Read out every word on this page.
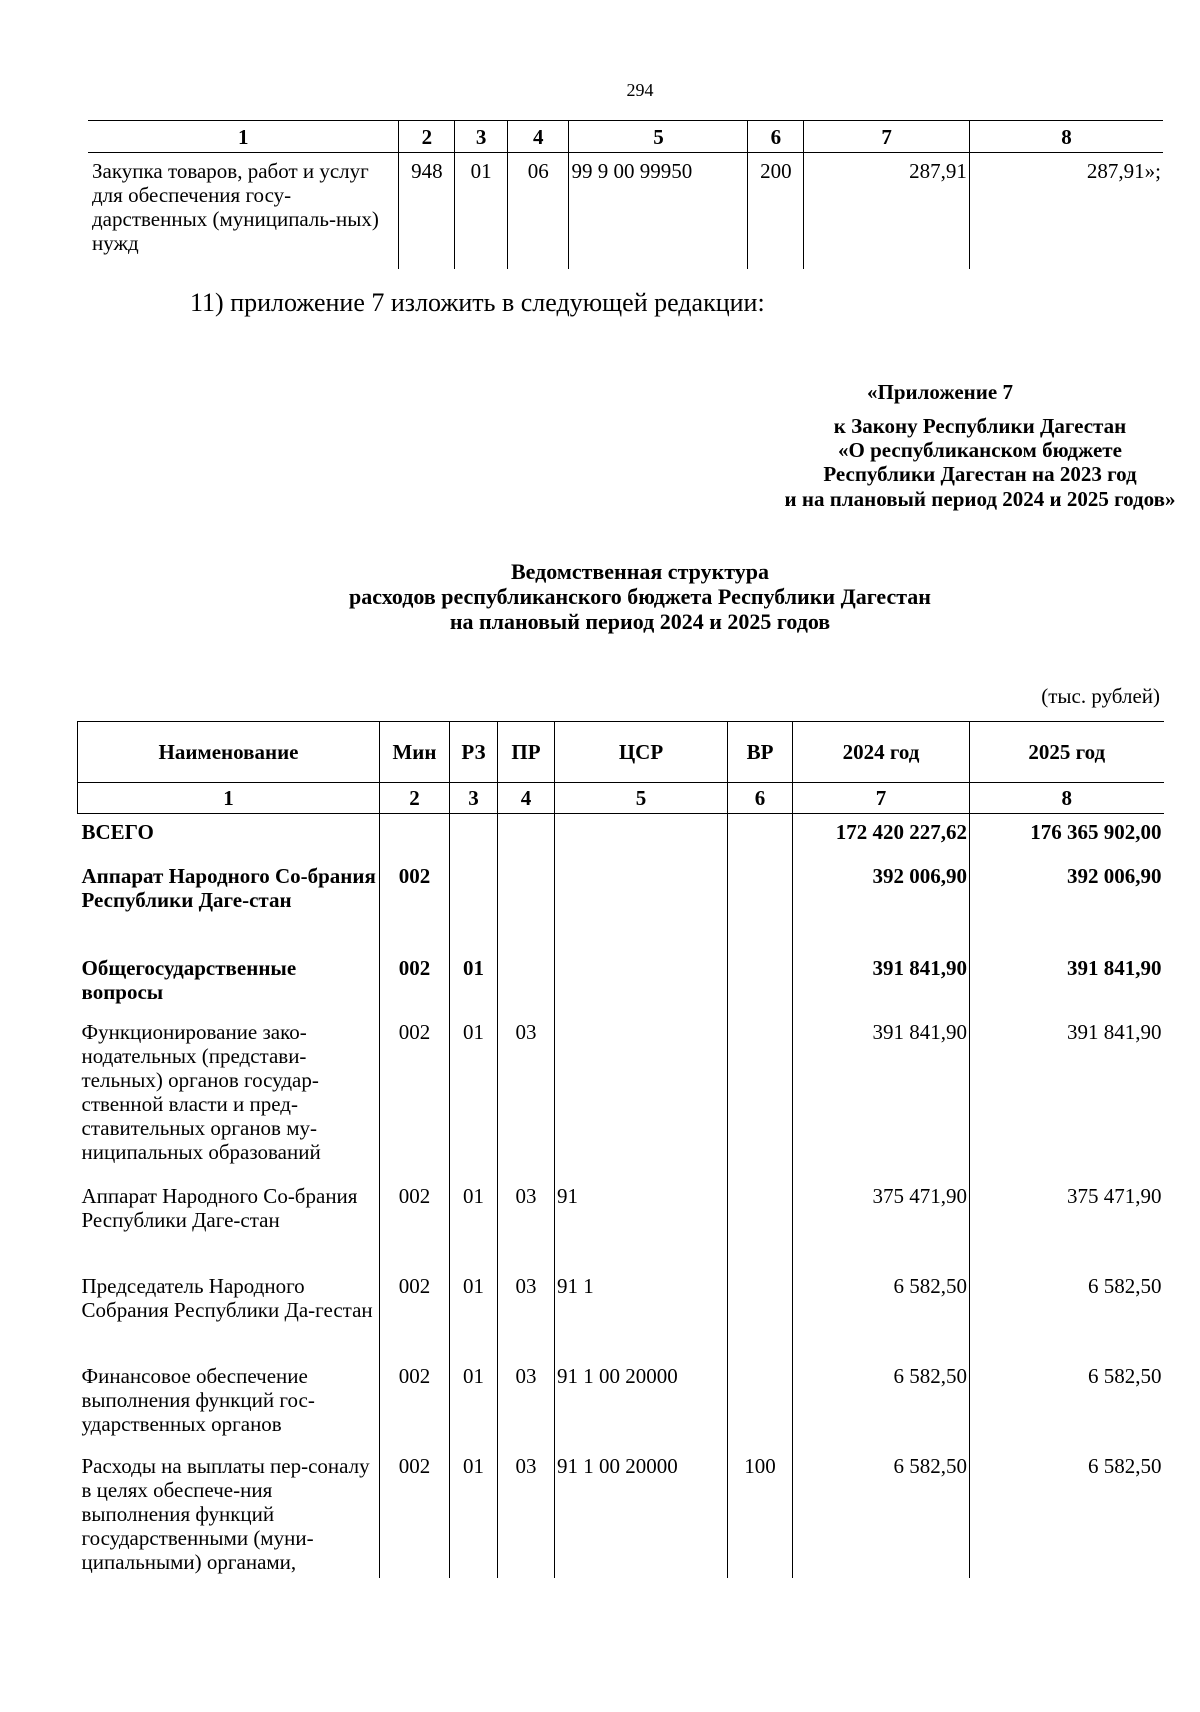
294
1	2	3	4	5	6	7	8
Закупка товаров, работ и услуг для обеспечения госу-дарственных (муниципаль-ных) нужд	948	01	06	99 9 00 99950	200	287,91	287,91»;
11) приложение 7 изложить в следующей редакции:
«Приложение 7
к Закону Республики Дагестан
«О республиканском бюджете
Республики Дагестан на 2023 год
и на плановый период 2024 и 2025 годов»
Ведомственная структура
расходов республиканского бюджета Республики Дагестан
на плановый период 2024 и 2025 годов
(тыс. рублей)
Наименование	Мин	РЗ	ПР	ЦСР	ВР	2024 год	2025 год
1	2	3	4	5	6	7	8
ВСЕГО						172 420 227,62	176 365 902,00
Аппарат Народного Со-брания Республики Даге-стан	002					392 006,90	392 006,90
Общегосударственные вопросы	002	01				391 841,90	391 841,90
Функционирование зако-нодательных (представи-тельных) органов государ-ственной власти и пред-ставительных органов му-ниципальных образований	002	01	03			391 841,90	391 841,90
Аппарат Народного Со-брания Республики Даге-стан	002	01	03	91		375 471,90	375 471,90
Председатель Народного Собрания Республики Да-гестан	002	01	03	91 1		6 582,50	6 582,50
Финансовое обеспечение выполнения функций гос-ударственных органов	002	01	03	91 1 00 20000		6 582,50	6 582,50
Расходы на выплаты пер-соналу в целях обеспече-ния выполнения функций государственными (муни-ципальными) органами,	002	01	03	91 1 00 20000	100	6 582,50	6 582,50
